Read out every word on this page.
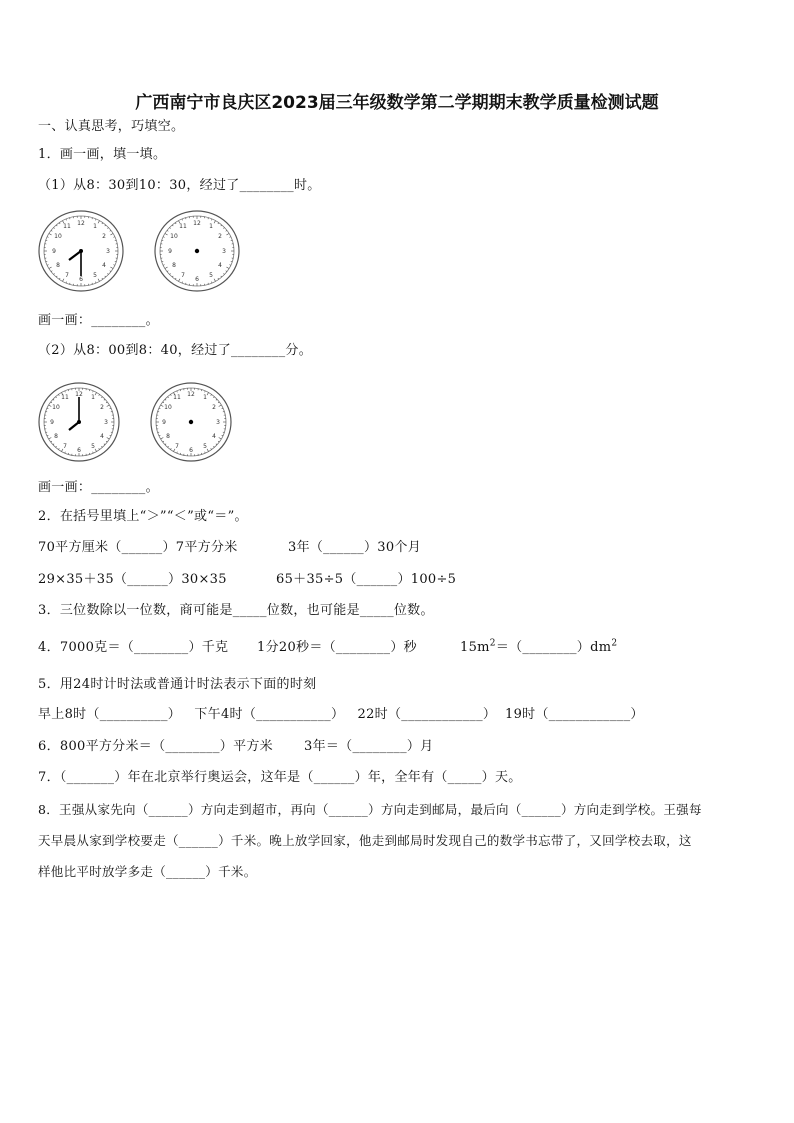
广西南宁市良庆区2023届三年级数学第二学期期末教学质量检测试题
一、认真思考，巧填空。
1．画一画，填一填。
（1）从8：30到10：30，经过了________时。
12 1
2
3
4
5
6
7
8
9
10
11	12 1
2
3
4
5
6
7
8
9
10
11
画一画：________。
（2）从8：00到8：40，经过了________分。
12 1
2
3
4
5
6
7
8
9
10
11	12 1
2
3
4
5
6
7
8
9
10
11
画一画：________。
2．在括号里填上“＞”“＜”或“＝”。
70平方厘米（______）7平方分米	3年（______）30个月
29×35＋35（______）30×35	65＋35÷5（______）100÷5
3．三位数除以一位数，商可能是_____位数，也可能是_____位数。
4．7000克＝（________）千克 1分20秒＝（________）秒	$15m^2=(\_\_\_\_\_\_\_\_)dm^2$
5．用24时计时法或普通计时法表示下面的时刻
早上8时（__________）   下午4时（___________）   22时（____________）  19时（____________）
6．800平方分米＝（________）平方米       3年＝（________）月
7．（_______）年在北京举行奥运会，这年是（______）年，全年有（_____）天。
8．王强从家先向（______）方向走到超市，再向（______）方向走到邮局，最后向（______）方向走到学校。王强每
天早晨从家到学校要走（______）千米。晚上放学回家，他走到邮局时发现自己的数学书忘带了，又回学校去取，这
样他比平时放学多走（______）千米。
